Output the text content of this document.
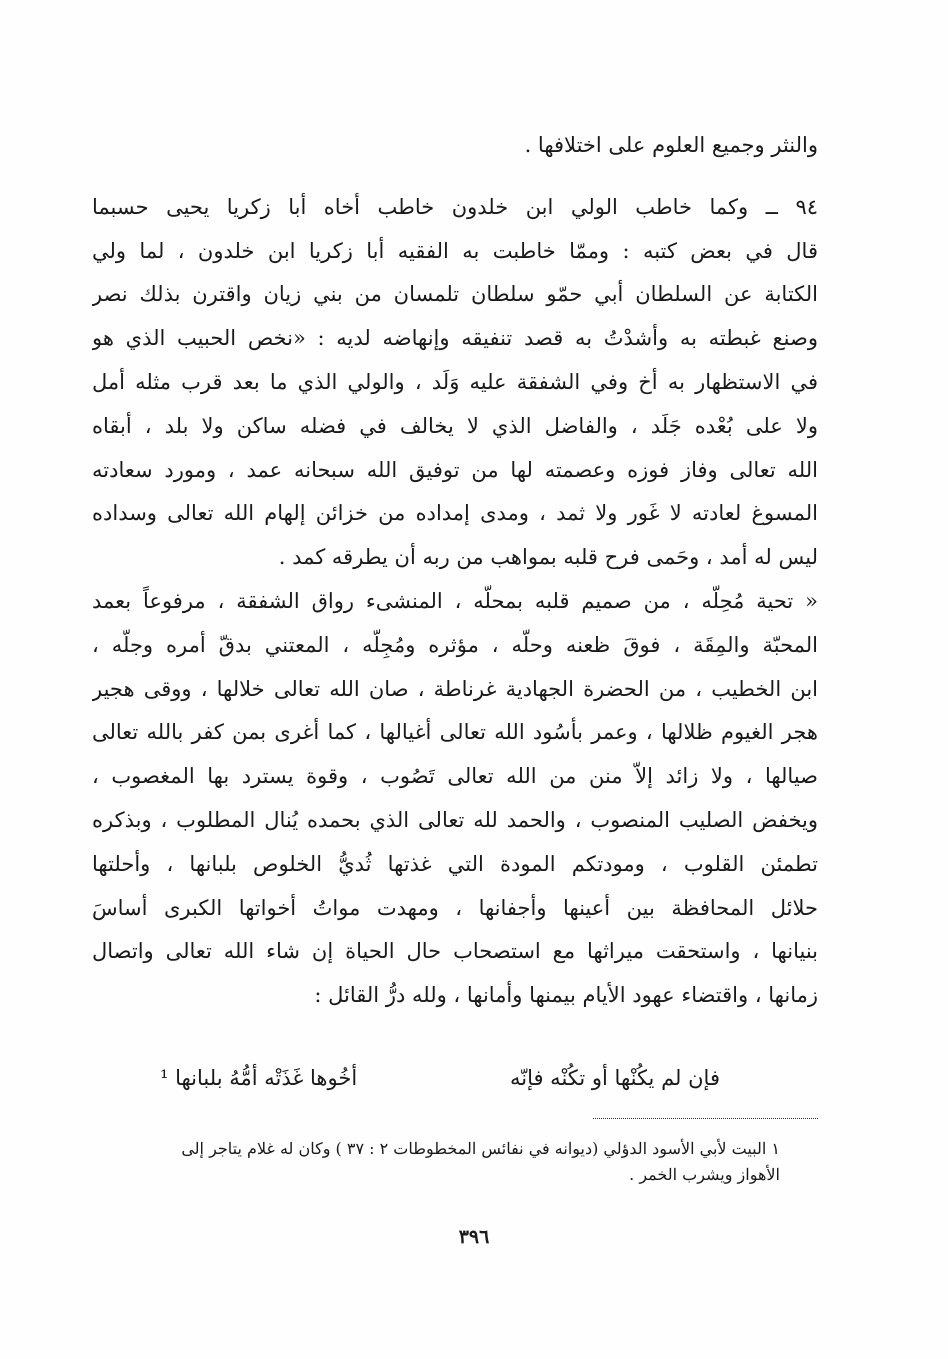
والنثر وجميع العلوم على اختلافها .
٩٤ ــ وكما خاطب الولي ابن خلدون خاطب أخاه أبا زكريا يحيى حسبما
قال في بعض كتبه : وممّا خاطبت به الفقيه أبا زكريا ابن خلدون ، لما ولي
الكتابة عن السلطان أبي حمّو سلطان تلمسان من بني زيان واقترن بذلك نصر
وصنع غبطته به وأشدْتُ به قصد تنفيقه وإنهاضه لديه : «نخص الحبيب الذي هو
في الاستظهار به أخ وفي الشفقة عليه وَلَد ، والولي الذي ما بعد قرب مثله أمل
ولا على بُعْده جَلَد ، والفاضل الذي لا يخالف في فضله ساكن ولا بلد ، أبقاه
الله تعالى وفاز فوزه وعصمته لها من توفيق الله سبحانه عمد ، ومورد سعادته
المسوغ لعادته لا غَور ولا ثمد ، ومدى إمداده من خزائن إلهام الله تعالى وسداده
ليس له أمد ، وحَمى فرح قلبه بمواهب من ربه أن يطرقه كمد .
« تحية مُحِلّه ، من صميم قلبه بمحلّه ، المنشىء رواق الشفقة ، مرفوعاً بعمد
المحبّة والمِقَة ، فوقَ ظعنه وحلّه ، مؤثره ومُجِلّه ، المعتني بدقّ أمره وجلّه ،
ابن الخطيب ، من الحضرة الجهادية غرناطة ، صان الله تعالى خلالها ، ووقى هجير
هجر الغيوم ظلالها ، وعمر بأسُود الله تعالى أغيالها ، كما أغرى بمن كفر بالله تعالى
صيالها ، ولا زائد إلاّ منن من الله تعالى تَصُوب ، وقوة يسترد بها المغصوب ،
ويخفض الصليب المنصوب ، والحمد لله تعالى الذي بحمده يُنال المطلوب ، وبذكره
تطمئن القلوب ، ومودتكم المودة التي غذتها ثُديُّ الخلوص بلبانها ، وأحلتها
حلائل المحافظة بين أعينها وأجفانها ، ومهدت مواتُ أخواتها الكبرى أساسَ
بنيانها ، واستحقت ميراثها مع استصحاب حال الحياة إن شاء الله تعالى واتصال
زمانها ، واقتضاء عهود الأيام بيمنها وأمانها ، ولله درُّ القائل :
فإن لم يكُنْها أو تكُنْه فإنّه
أخُوها غَذَتْه أمُّهُ بلبانها ¹
١ البيت لأبي الأسود الدؤلي (ديوانه في نفائس المخطوطات ٢ : ٣٧ ) وكان له غلام يتاجر إلى
الأهواز ويشرب الخمر .
٣٩٦
